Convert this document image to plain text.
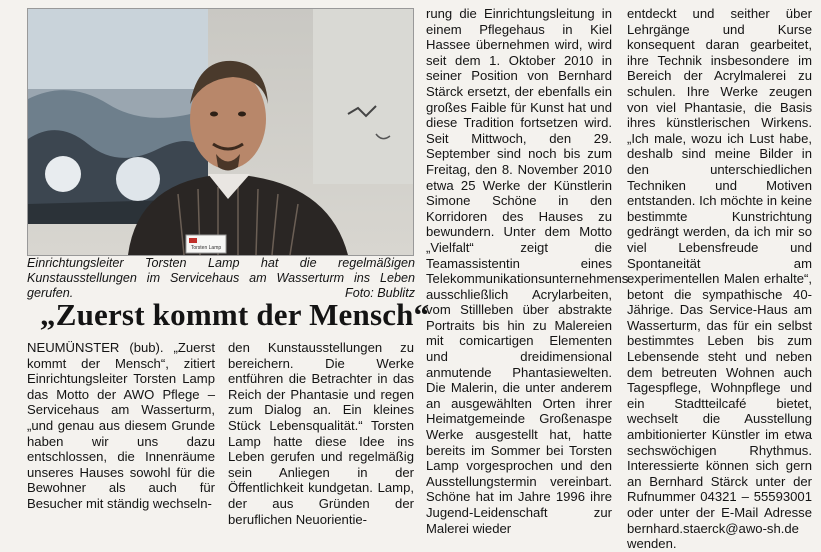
Torsten Lamp
Einrichtungsleiter Torsten Lamp hat die regelmäßigen Kunstausstellungen im Servicehaus am Wasserturm ins Leben gerufen.	Foto: Bublitz
„Zuerst kommt der Mensch“

NEUMÜNSTER (bub). „Zuerst kommt der Mensch“, zitiert Einrichtungsleiter Torsten Lamp das Motto der AWO Pflege – Servicehaus am Wasserturm, „und genau aus diesem Grunde haben wir uns dazu entschlossen, die Innenräume unseres Hauses sowohl für die Bewohner als auch für Besucher mit ständig wechseln-

den Kunstausstellungen zu bereichern. Die Werke entführen die Betrachter in das Reich der Phantasie und regen zum Dialog an. Ein kleines Stück Lebensqualität.“ Torsten Lamp hatte diese Idee ins Leben gerufen und regelmäßig sein Anliegen in der Öffentlichkeit kundgetan. Lamp, der aus Gründen der beruflichen Neuorientie-

rung die Einrichtungsleitung in einem Pflegehaus in Kiel Hassee übernehmen wird, wird seit dem 1. Oktober 2010 in seiner Position von Bernhard Stärck ersetzt, der ebenfalls ein großes Faible für Kunst hat und diese Tradition fortsetzen wird. Seit Mittwoch, den 29. September sind noch bis zum Freitag, den 8. November 2010 etwa 25 Werke der Künstlerin Simone Schöne in den Korridoren des Hauses zu bewundern. Unter dem Motto „Vielfalt“ zeigt die Teamassistentin eines Telekommunikationsunternehmens ausschließlich Acrylarbeiten, vom Stillleben über abstrakte Portraits bis hin zu Malereien mit comicartigen Elementen und dreidimensional anmutende Phantasiewelten. Die Malerin, die unter anderem an ausgewählten Orten ihrer Heimatgemeinde Großenaspe Werke ausgestellt hat, hatte bereits im Sommer bei Torsten Lamp vorgesprochen und den Ausstellungstermin vereinbart. Schöne hat im Jahre 1996 ihre Jugend-Leidenschaft zur Malerei wieder

entdeckt und seither über Lehrgänge und Kurse konsequent daran gearbeitet, ihre Technik insbesondere im Bereich der Acrylmalerei zu schulen. Ihre Werke zeugen von viel Phantasie, die Basis ihres künstlerischen Wirkens. „Ich male, wozu ich Lust habe, deshalb sind meine Bilder in den unterschiedlichen Techniken und Motiven entstanden. Ich möchte in keine bestimmte Kunstrichtung gedrängt werden, da ich mir so viel Lebensfreude und Spontaneität am experimentellen Malen erhalte“, betont die sympathische 40-Jährige. Das Service-Haus am Wasserturm, das für ein selbst bestimmtes Leben bis zum Lebensende steht und neben dem betreuten Wohnen auch Tagespflege, Wohnpflege und ein Stadtteilcafé bietet, wechselt die Ausstellung ambitionierter Künstler im etwa sechswöchigen Rhythmus. Interessierte können sich gern an Bernhard Stärck unter der Rufnummer 04321 – 55593001 oder unter der E-Mail Adresse bernhard.staerck@awo-sh.de wenden.
